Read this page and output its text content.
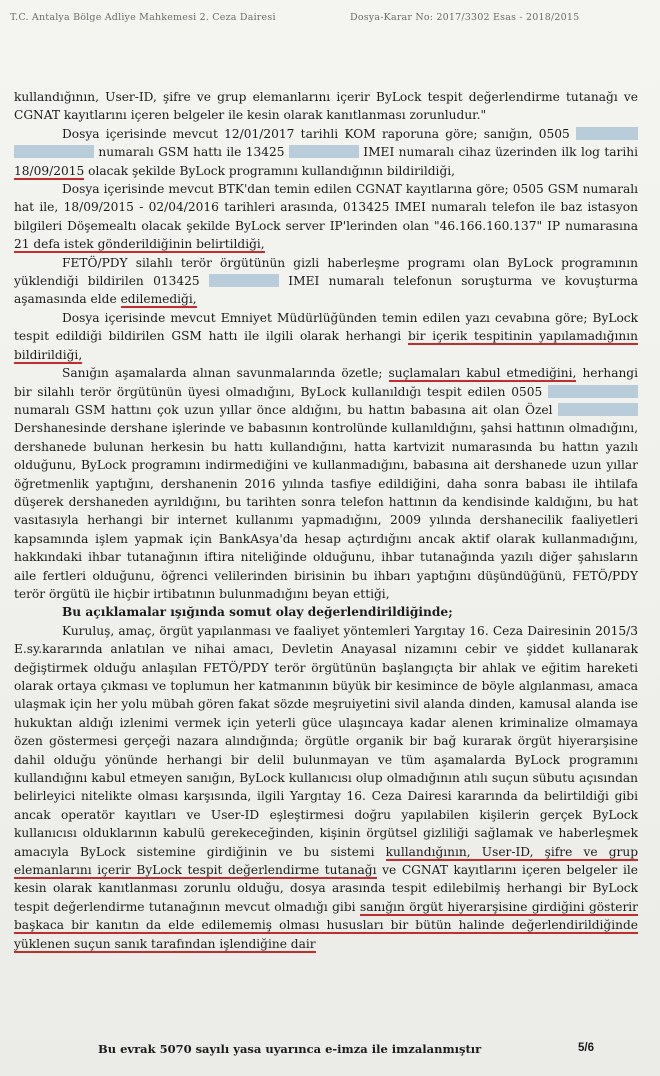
T.C. Antalya Bölge Adliye Mahkemesi 2. Ceza Dairesi	Dosya-Karar No: 2017/3302 Esas - 2018/2015

kullandığının, User-ID, şifre ve grup elemanlarını içerir ByLock tespit değerlendirme tutanağı ve CGNAT kayıtlarını içeren belgeler ile kesin olarak kanıtlanması zorunludur."

Dosya içerisinde mevcut 12/01/2017 tarihli KOM raporuna göre; sanığın, 0505   numaralı GSM hattı ile 13425	IMEI numaralı cihaz üzerinden ilk log tarihi 18/09/2015 olacak şekilde ByLock programını kullandığının bildirildiği,

Dosya içerisinde mevcut BTK'dan temin edilen CGNAT kayıtlarına göre; 0505 GSM numaralı hat ile, 18/09/2015 - 02/04/2016 tarihleri arasında, 013425 IMEI numaralı telefon ile baz istasyon bilgileri Döşemealtı olacak şekilde ByLock server IP'lerinden olan "46.166.160.137" IP numarasına 21 defa istek gönderildiğinin belirtildiği,

FETÖ/PDY silahlı terör örgütünün gizli haberleşme programı olan ByLock programının yüklendiği bildirilen 013425	IMEI numaralı telefonun soruşturma ve kovuşturma aşamasında elde edilemediği,

Dosya içerisinde mevcut Emniyet Müdürlüğünden temin edilen yazı cevabına göre; ByLock tespit edildiği bildirilen GSM hattı ile ilgili olarak herhangi bir içerik tespitinin yapılamadığının bildirildiği,

Sanığın aşamalarda alınan savunmalarında özetle; suçlamaları kabul etmediğini, herhangi bir silahlı terör örgütünün üyesi olmadığını, ByLock kullanıldığı tespit edilen 0505  numaralı GSM hattını çok uzun yıllar önce aldığını, bu hattın babasına ait olan Özel  Dershanesinde dershane işlerinde ve babasının kontrolünde kullanıldığını, şahsi hattının olmadığını, dershanede bulunan herkesin bu hattı kullandığını, hatta kartvizit numarasında bu hattın yazılı olduğunu, ByLock programını indirmediğini ve kullanmadığını, babasına ait dershanede uzun yıllar öğretmenlik yaptığını, dershanenin 2016 yılında tasfiye edildiğini, daha sonra babası ile ihtilafa düşerek dershaneden ayrıldığını, bu tarihten sonra telefon hattının da kendisinde kaldığını, bu hat vasıtasıyla herhangi bir internet kullanımı yapmadığını, 2009 yılında dershanecilik faaliyetleri kapsamında işlem yapmak için BankAsya'da hesap açtırdığını ancak aktif olarak kullanmadığını, hakkındaki ihbar tutanağının iftira niteliğinde olduğunu, ihbar tutanağında yazılı diğer şahısların aile fertleri olduğunu, öğrenci velilerinden birisinin bu ihbarı yaptığını düşündüğünü, FETÖ/PDY terör örgütü ile hiçbir irtibatının bulunmadığını beyan ettiği,

Bu açıklamalar ışığında somut olay değerlendirildiğinde;

Kuruluş, amaç, örgüt yapılanması ve faaliyet yöntemleri Yargıtay 16. Ceza Dairesinin 2015/3 E.sy.kararında anlatılan ve nihai amacı, Devletin Anayasal nizamını cebir ve şiddet kullanarak değiştirmek olduğu anlaşılan FETÖ/PDY terör örgütünün başlangıçta bir ahlak ve eğitim hareketi olarak ortaya çıkması ve toplumun her katmanının büyük bir kesimince de böyle algılanması, amaca ulaşmak için her yolu mübah gören fakat sözde meşruiyetini sivil alanda dinden, kamusal alanda ise hukuktan aldığı izlenimi vermek için yeterli güce ulaşıncaya kadar alenen kriminalize olmamaya özen göstermesi gerçeği nazara alındığında; örgütle organik bir bağ kurarak örgüt hiyerarşisine dahil olduğu yönünde herhangi bir delil bulunmayan ve tüm aşamalarda ByLock programını kullandığını kabul etmeyen sanığın, ByLock kullanıcısı olup olmadığının atılı suçun sübutu açısından belirleyici nitelikte olması karşısında, ilgili Yargıtay 16. Ceza Dairesi kararında da belirtildiği gibi ancak operatör kayıtları ve User-ID eşleştirmesi doğru yapılabilen kişilerin gerçek ByLock kullanıcısı olduklarının kabulü gerekeceğinden, kişinin örgütsel gizliliği sağlamak ve haberleşmek amacıyla ByLock sistemine girdiğinin ve bu sistemi kullandığının, User-ID, şifre ve grup elemanlarını içerir ByLock tespit değerlendirme tutanağı ve CGNAT kayıtlarını içeren belgeler ile kesin olarak kanıtlanması zorunlu olduğu, dosya arasında tespit edilebilmiş herhangi bir ByLock tespit değerlendirme tutanağının mevcut olmadığı gibi sanığın örgüt hiyerarşisine girdiğini gösterir başkaca bir kanıtın da elde edilememiş olması hususları bir bütün halinde değerlendirildiğinde yüklenen suçun sanık tarafından işlendiğine dair

Bu evrak 5070 sayılı yasa uyarınca e-imza ile imzalanmıştır	5/6
